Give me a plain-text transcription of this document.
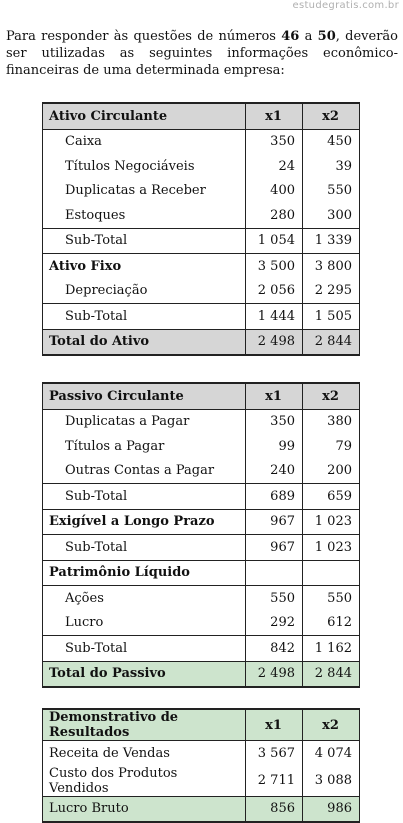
estudegratis.com.br

Para responder às questões de números 46 a 50, deverão ser utilizadas as seguintes informações econômico-financeiras de uma determinada empresa:

Ativo Circulante	x1	x2
Caixa	350	450
Títulos Negociáveis	24	39
Duplicatas a Receber	400	550
Estoques	280	300
Sub-Total	1 054	1 339
Ativo Fixo	3 500	3 800
Depreciação	2 056	2 295
Sub-Total	1 444	1 505
Total do Ativo	2 498	2 844
Passivo Circulante	x1	x2
Duplicatas a Pagar	350	380
Títulos a Pagar	99	79
Outras Contas a Pagar	240	200
Sub-Total	689	659
Exigível a Longo Prazo	967	1 023
Sub-Total	967	1 023
Patrimônio Líquido		
Ações	550	550
Lucro	292	612
Sub-Total	842	1 162
Total do Passivo	2 498	2 844
Demonstrativo de Resultados	x1	x2
Receita de Vendas	3 567	4 074
Custo dos Produtos Vendidos	2 711	3 088
Lucro Bruto	856	986
